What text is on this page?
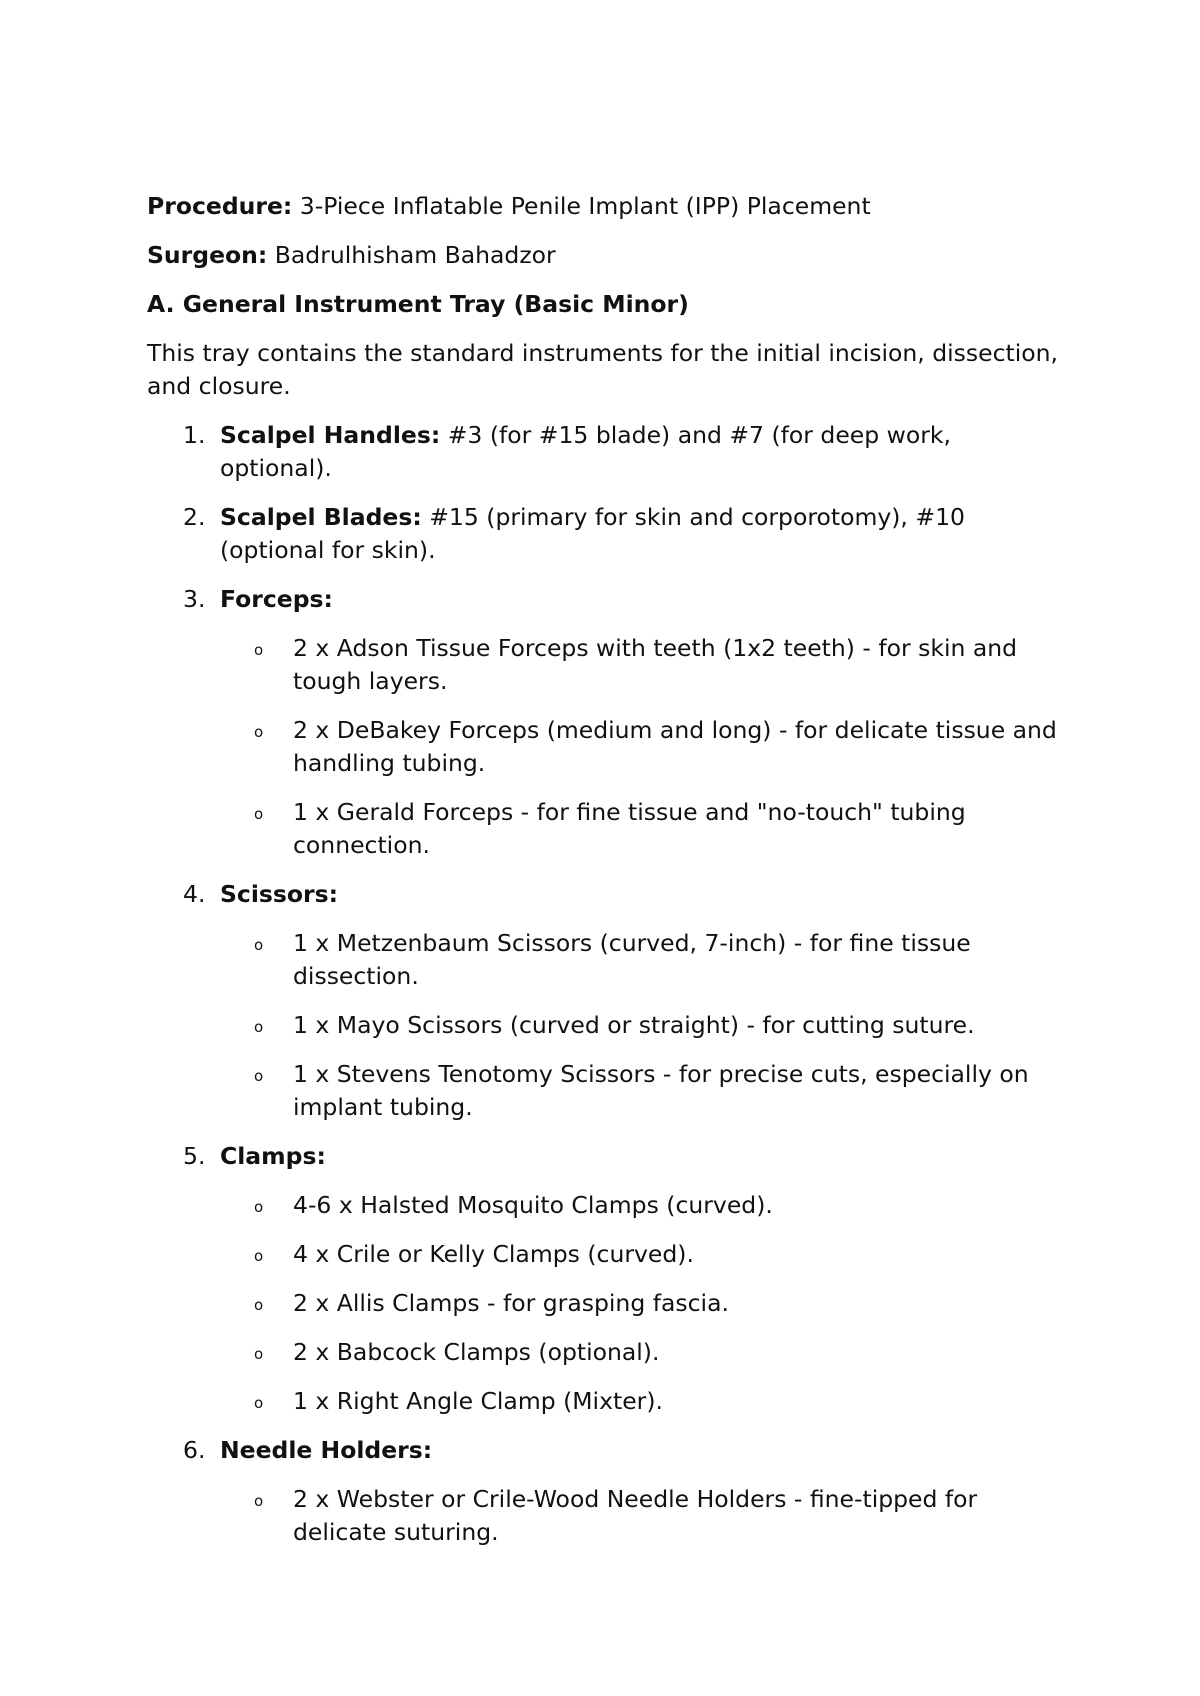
Procedure: 3-Piece Inflatable Penile Implant (IPP) Placement

Surgeon: Badrulhisham Bahadzor

A. General Instrument Tray (Basic Minor)

This tray contains the standard instruments for the initial incision, dissection, and closure.

1. Scalpel Handles: #3 (for #15 blade) and #7 (for deep work, optional).
2. Scalpel Blades: #15 (primary for skin and corporotomy), #10 (optional for skin).
3. Forceps:
o 2 x Adson Tissue Forceps with teeth (1x2 teeth) - for skin and tough layers.
o 2 x DeBakey Forceps (medium and long) - for delicate tissue and handling tubing.
o 1 x Gerald Forceps - for fine tissue and "no-touch" tubing connection.
4. Scissors:
o 1 x Metzenbaum Scissors (curved, 7-inch) - for fine tissue dissection.
o 1 x Mayo Scissors (curved or straight) - for cutting suture.
o 1 x Stevens Tenotomy Scissors - for precise cuts, especially on implant tubing.
5. Clamps:
o 4-6 x Halsted Mosquito Clamps (curved).
o 4 x Crile or Kelly Clamps (curved).
o 2 x Allis Clamps - for grasping fascia.
o 2 x Babcock Clamps (optional).
o 1 x Right Angle Clamp (Mixter).
6. Needle Holders:
o 2 x Webster or Crile-Wood Needle Holders - fine-tipped for delicate suturing.
